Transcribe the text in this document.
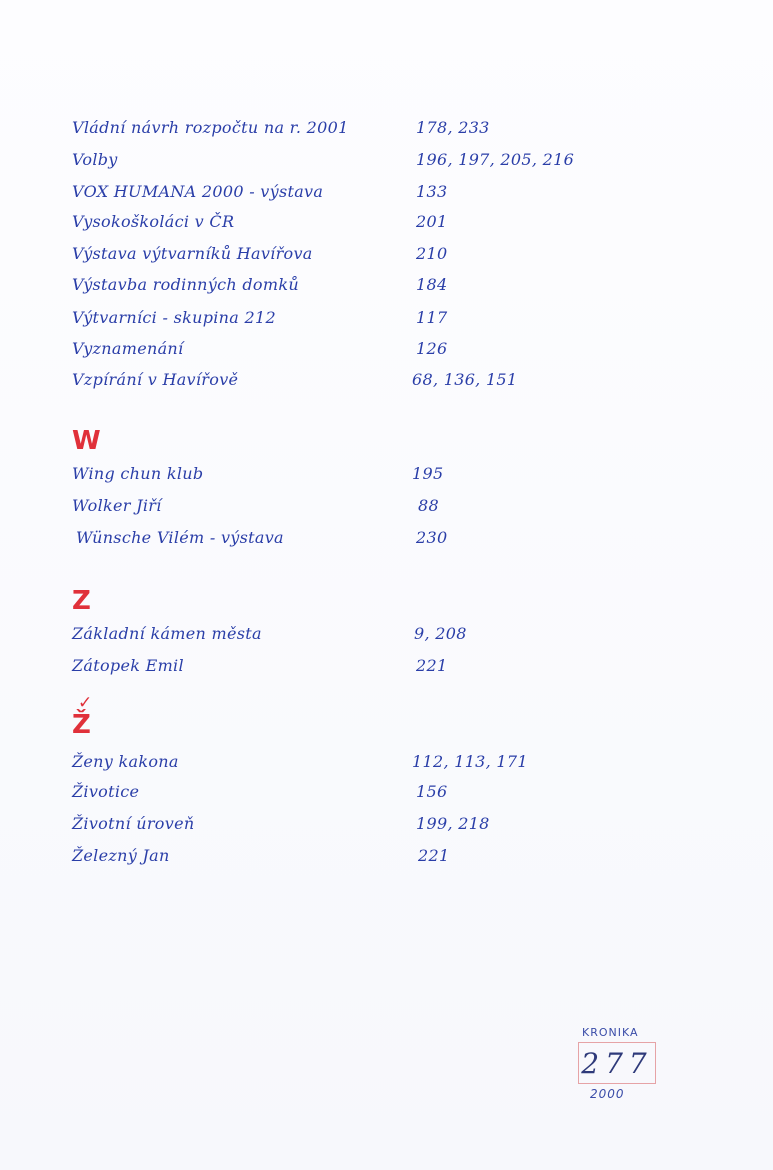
Vládní návrh rozpočtu na r. 2001	178, 233
Volby	196, 197, 205, 216
VOX HUMANA 2000 - výstava	133
Vysokoškoláci v ČR	201
Výstava výtvarníků Havířova	210
Výstavba rodinných domků	184
Výtvarníci - skupina 212	117
Vyznamenání	126
Vzpírání v Havířově	68, 136, 151
W
Wing chun klub	195
Wolker Jiří	88
Wünsche Vilém - výstava	230
Z
Základní kámen města	9, 208
Zátopek Emil	221
✓
Ž
Ženy kakona	112, 113, 171
Životice	156
Životní úroveň	199, 218
Železný Jan	221
KRONIKA
277
2000
